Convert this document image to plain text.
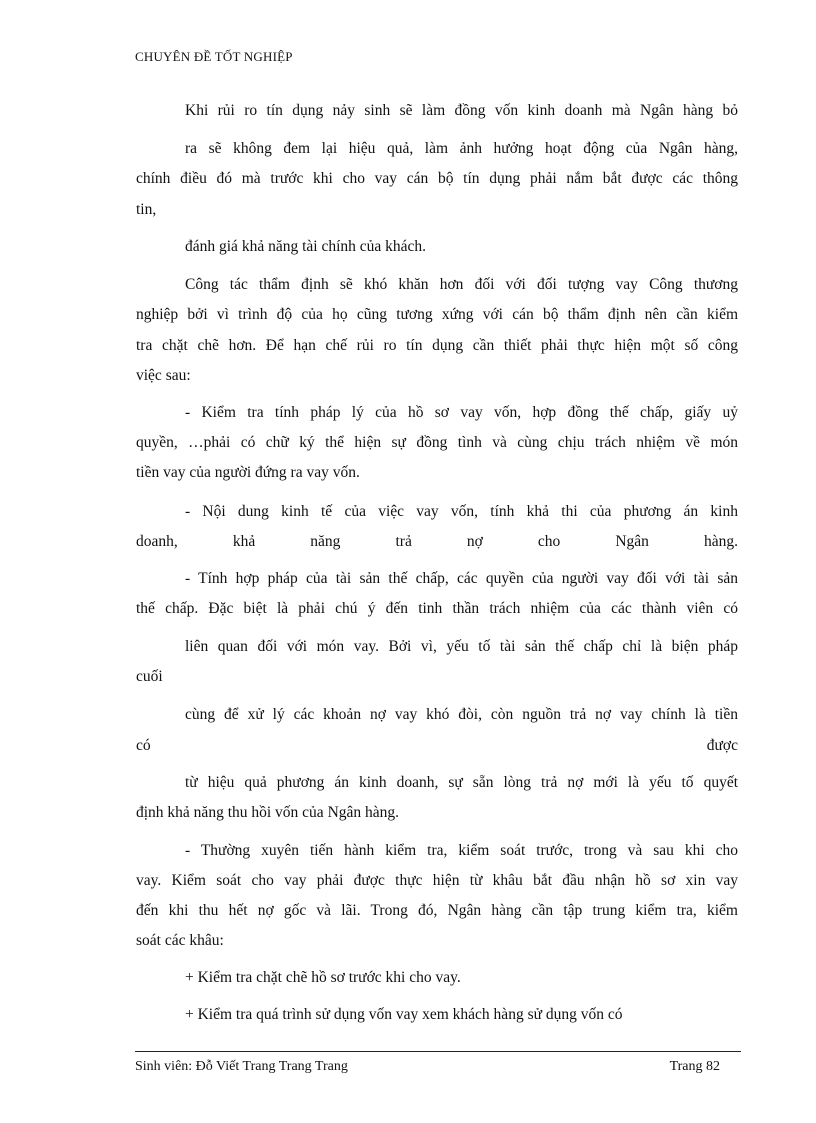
CHUYÊN ĐỀ TỐT NGHIỆP
Khi rủi ro tín dụng nảy sinh sẽ làm đồng vốn kinh doanh mà Ngân hàng bỏ
ra sẽ không đem lại hiệu quả, làm ảnh hưởng hoạt động của Ngân hàng,
chính điều đó mà trước khi cho vay cán bộ tín dụng phải nắm bắt được các thông
tin,
đánh giá khả năng tài chính của khách.
Công tác thẩm định sẽ khó khăn hơn đối với đối tượng vay Công thương
nghiệp bởi vì trình độ của họ cũng tương xứng với cán bộ thẩm định nên cần kiểm
tra chặt chẽ hơn. Để hạn chế rủi ro tín dụng cần thiết phải thực hiện một số công
việc sau:
- Kiểm tra tính pháp lý của hồ sơ vay vốn, hợp đồng thế chấp, giấy uỷ
quyền, …phải có chữ ký thể hiện sự đồng tình và cùng chịu trách nhiệm về món
tiền vay của người đứng ra vay vốn.
- Nội dung kinh tế của việc vay vốn, tính khả thi của phương án kinh
doanh, khả năng trả nợ cho Ngân hàng.
- Tính hợp pháp của tài sản thế chấp, các quyền của người vay đối với tài sản
thế chấp. Đặc biệt là phải chú ý đến tinh thần trách nhiệm của các thành viên có
liên quan đối với món vay. Bởi vì, yếu tố tài sản thế chấp chỉ là biện pháp
cuối
cùng để xử lý các khoản nợ vay khó đòi, còn nguồn trả nợ vay chính là tiền
có được
từ hiệu quả phương án kinh doanh, sự sẵn lòng trả nợ mới là yếu tố quyết
định khả năng thu hồi vốn của Ngân hàng.
- Thường xuyên tiến hành kiểm tra, kiểm soát trước, trong và sau khi cho
vay. Kiểm soát cho vay phải được thực hiện từ khâu bắt đầu nhận hồ sơ xin vay
đến khi thu hết nợ gốc và lãi. Trong đó, Ngân hàng cần tập trung kiểm tra, kiểm
soát các khâu:
+ Kiểm tra chặt chẽ hồ sơ trước khi cho vay.
+ Kiểm tra quá trình sử dụng vốn vay xem khách hàng sử dụng vốn có
Sinh viên: Đỗ Viết Trang Trang Trang	Trang 82
